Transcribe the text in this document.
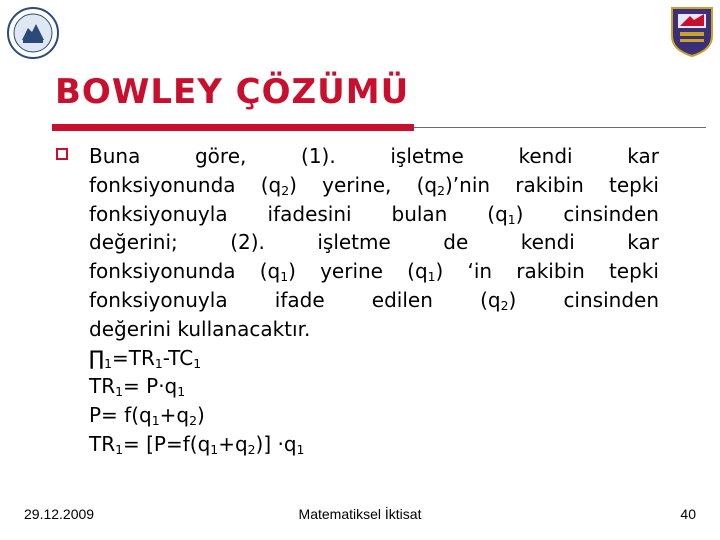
BOWLEY ÇÖZÜMÜ
Buna	göre,	(1).	işletme	kendi	kar
fonksiyonunda $(q_2)$ yerine, $(q_2)’nin$ rakibin tepki
fonksiyonuyla ifadesini bulan $(q_1)$ cinsinden
değerini;	(2).	işletme	de	kendi	kar
fonksiyonunda $(q_1)$ yerine $(q_1)$ ‘in rakibin tepki
fonksiyonuyla ifade edilen $(q_2)$ cinsinden
değerini kullanacaktır.
$\prod_1=TR_1-TC_1$
$TR_1= P\cdot q_1$
$P= f(q_1+q_2)$
$TR_1= [P=f(q_1+q_2)] \cdot q_1$
29.12.2009	Matematiksel İktisat	40
